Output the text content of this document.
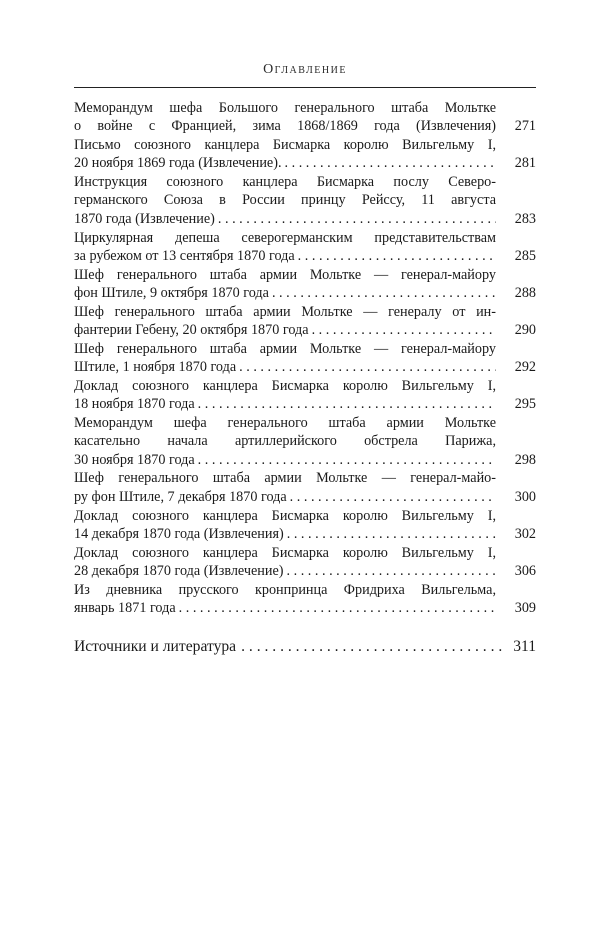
Оглавление
Меморандум шефа Большого генерального штаба Мольтке
о войне с Францией, зима 1868/1869 года (Извлечения)	271
Письмо союзного канцлера Бисмарка королю Вильгельму I,
20 ноября 1869 года (Извлечение). . . .	281
Инструкция союзного канцлера Бисмарка послу Северо-
германского Союза в России принцу Рейссу, 11 августа
1870 года (Извлечение) . . .	283
Циркулярная депеша северогерманским представительствам
за рубежом от 13 сентября 1870 года . . .	285
Шеф генерального штаба армии Мольтке — генерал-майору
фон Штиле, 9 октября 1870 года . . .	288
Шеф генерального штаба армии Мольтке — генералу от ин-
фантерии Гебену, 20 октября 1870 года . . .	290
Шеф генерального штаба армии Мольтке — генерал-майору
Штиле, 1 ноября 1870 года . . .	292
Доклад союзного канцлера Бисмарка королю Вильгельму I,
18 ноября 1870 года . . .	295
Меморандум шефа генерального штаба армии Мольтке
касательно начала артиллерийского обстрела Парижа,
30 ноября 1870 года . . .	298
Шеф генерального штаба армии Мольтке — генерал-майо-
ру фон Штиле, 7 декабря 1870 года . . .	300
Доклад союзного канцлера Бисмарка королю Вильгельму I,
14 декабря 1870 года (Извлечения) . . .	302
Доклад союзного канцлера Бисмарка королю Вильгельму I,
28 декабря 1870 года (Извлечение) . . .	306
Из дневника прусского кронпринца Фридриха Вильгельма,
январь 1871 года . . .	309
Источники и литература . . .	311
